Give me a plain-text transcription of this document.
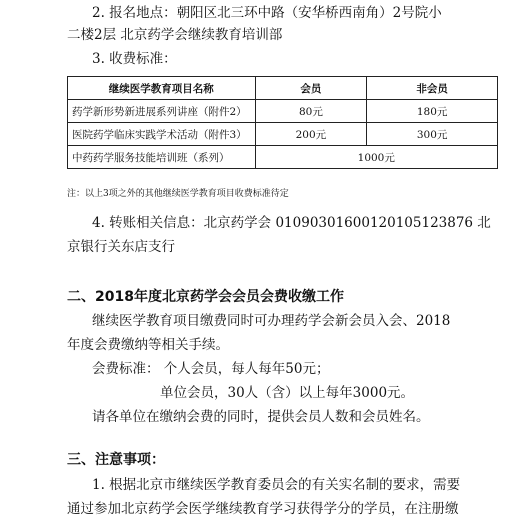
2. 报名地点：朝阳区北三环中路（安华桥西南角）2号院小
二楼2层 北京药学会继续教育培训部
3. 收费标准：
继续医学教育项目名称	会员	非会员
药学新形势新进展系列讲座（附件2）	80元	180元
医院药学临床实践学术活动（附件3）	200元	300元
中药药学服务技能培训班（系列）	1000元	
注：以上3项之外的其他继续医学教育项目收费标准待定
4. 转账相关信息：北京药学会 0109030160012010512​3876 北
京银行关东店支行
二、2018年度北京药学会会员会费收缴工作
继续医学教育项目缴费同时可办理药学会新会员入会、2018
年度会费缴纳等相关手续。
会费标准： 个人会员，每人每年50元；
单位会员，30人（含）以上每年3000元。
请各单位在缴纳会费的同时，提供会员人数和会员姓名。
三、注意事项：
1. 根据北京市继续医学教育委员会的有关实名制的要求，需要
通过参加北京药学会医学继续教育学习获得学分的学员，在注册缴
